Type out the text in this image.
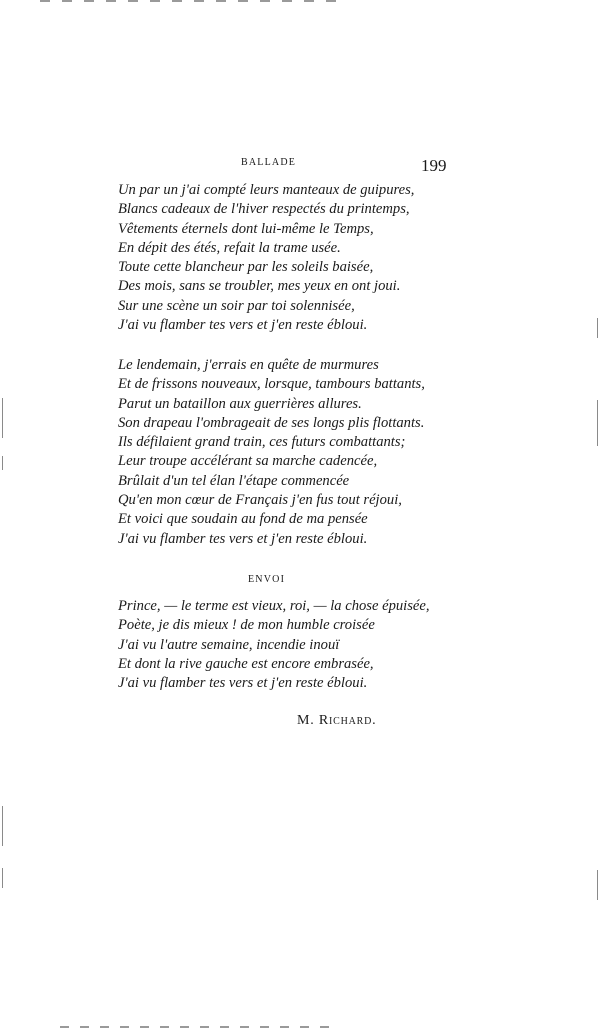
BALLADE	199
Un par un j'ai compté leurs manteaux de guipures,
Blancs cadeaux de l'hiver respectés du printemps,
Vêtements éternels dont lui-même le Temps,
En dépit des étés, refait la trame usée.
Toute cette blancheur par les soleils baisée,
Des mois, sans se troubler, mes yeux en ont joui.
Sur une scène un soir par toi solennisée,
J'ai vu flamber tes vers et j'en reste ébloui.
Le lendemain, j'errais en quête de murmures
Et de frissons nouveaux, lorsque, tambours battants,
Parut un bataillon aux guerrières allures.
Son drapeau l'ombrageait de ses longs plis flottants.
Ils défilaient grand train, ces futurs combattants;
Leur troupe accélérant sa marche cadencée,
Brûlait d'un tel élan l'étape commencée
Qu'en mon cœur de Français j'en fus tout réjoui,
Et voici que soudain au fond de ma pensée
J'ai vu flamber tes vers et j'en reste ébloui.
ENVOI
Prince, — le terme est vieux, roi, — la chose épuisée,
Poète, je dis mieux ! de mon humble croisée
J'ai vu l'autre semaine, incendie inouï
Et dont la rive gauche est encore embrasée,
J'ai vu flamber tes vers et j'en reste ébloui.
M. Richard.
